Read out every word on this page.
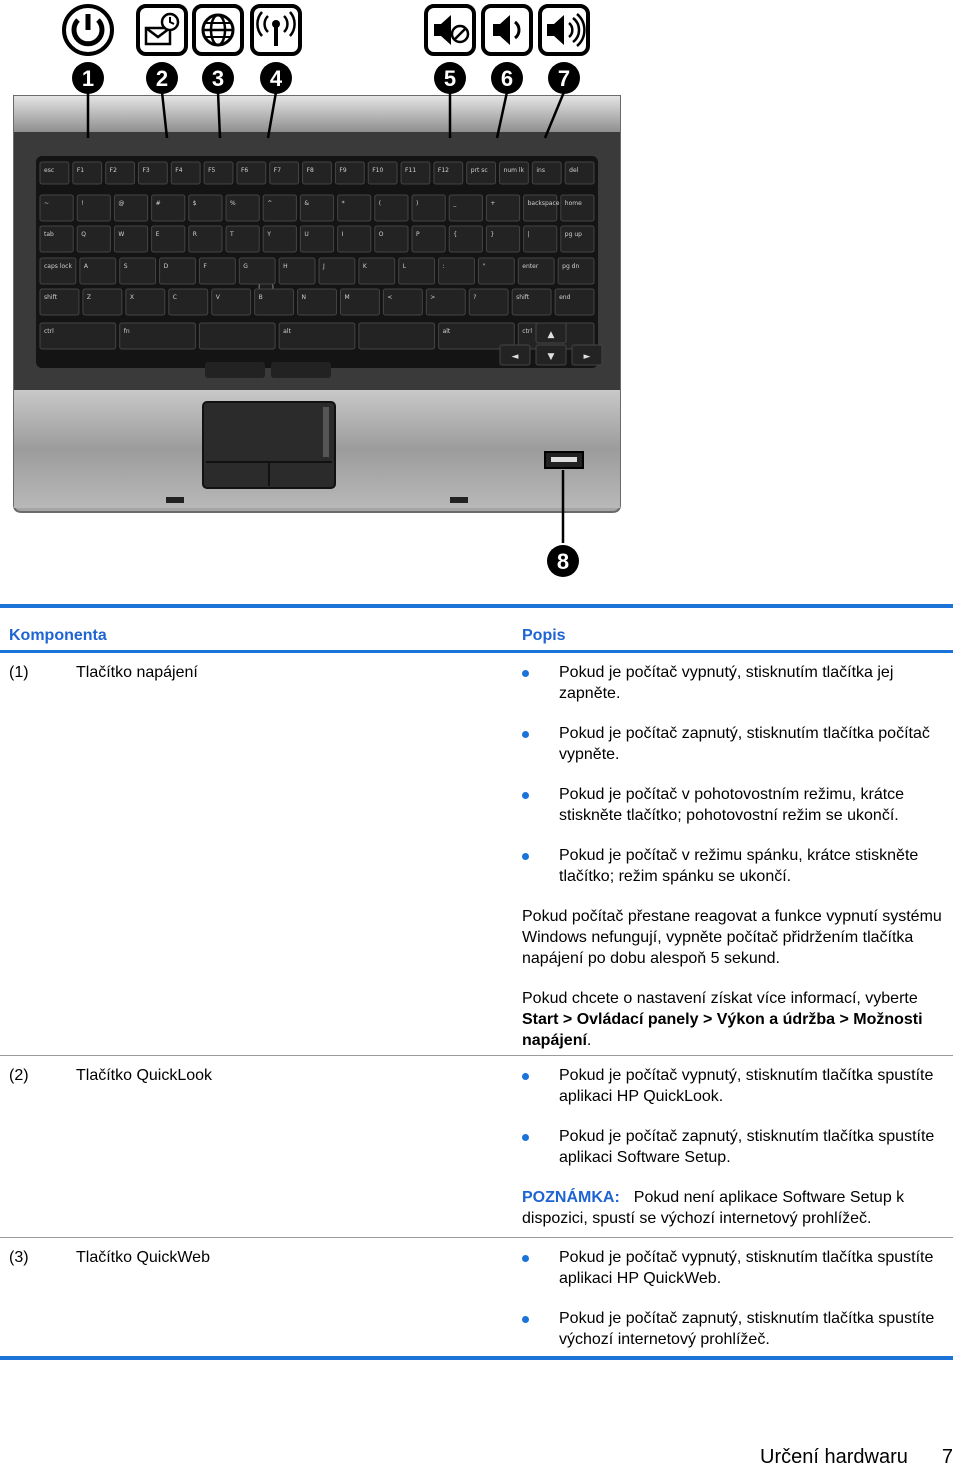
esc	F1	F2	F3	F4	F5	F6	F7	F8	F9	F10	F11	F12	prt sc	num lk ins	del
~	!	@	#	$	%	^	&	*	(	)	_	+	backspace home
tab	Q	W	E	R	T	Y	U	I	O	P	{	}	|	pg up
caps lock A	S	D	F	G	H	J	K	L	:	"	enter	pg dn
shift	Z	X	C	V	B	N	M	<	>	?	shift	end
ctrl	fn	alt	alt	ctrl
◄	▼	►
▲
1	2 3 4	5 6 7
8
Komponenta	Popis
(1)	Tlačítko napájení	Pokud je počítač vypnutý, stisknutím tlačítka jej zapněte.
Pokud je počítač zapnutý, stisknutím tlačítka počítač vypněte.
Pokud je počítač v pohotovostním režimu, krátce stiskněte tlačítko; pohotovostní režim se ukončí.
Pokud je počítač v režimu spánku, krátce stiskněte tlačítko; režim spánku se ukončí.
Pokud počítač přestane reagovat a funkce vypnutí systému Windows nefungují, vypněte počítač přidržením tlačítka napájení po dobu alespoň 5 sekund.
Pokud chcete o nastavení získat více informací, vyberte Start > Ovládací panely > Výkon a údržba > Možnosti napájení.
(2)	Tlačítko QuickLook	Pokud je počítač vypnutý, stisknutím tlačítka spustíte aplikaci HP QuickLook.
Pokud je počítač zapnutý, stisknutím tlačítka spustíte aplikaci Software Setup.
POZNÁMKA: Pokud není aplikace Software Setup k dispozici, spustí se výchozí internetový prohlížeč.
(3)	Tlačítko QuickWeb	Pokud je počítač vypnutý, stisknutím tlačítka spustíte aplikaci HP QuickWeb.
Pokud je počítač zapnutý, stisknutím tlačítka spustíte výchozí internetový prohlížeč.
Určení hardwaru 7
